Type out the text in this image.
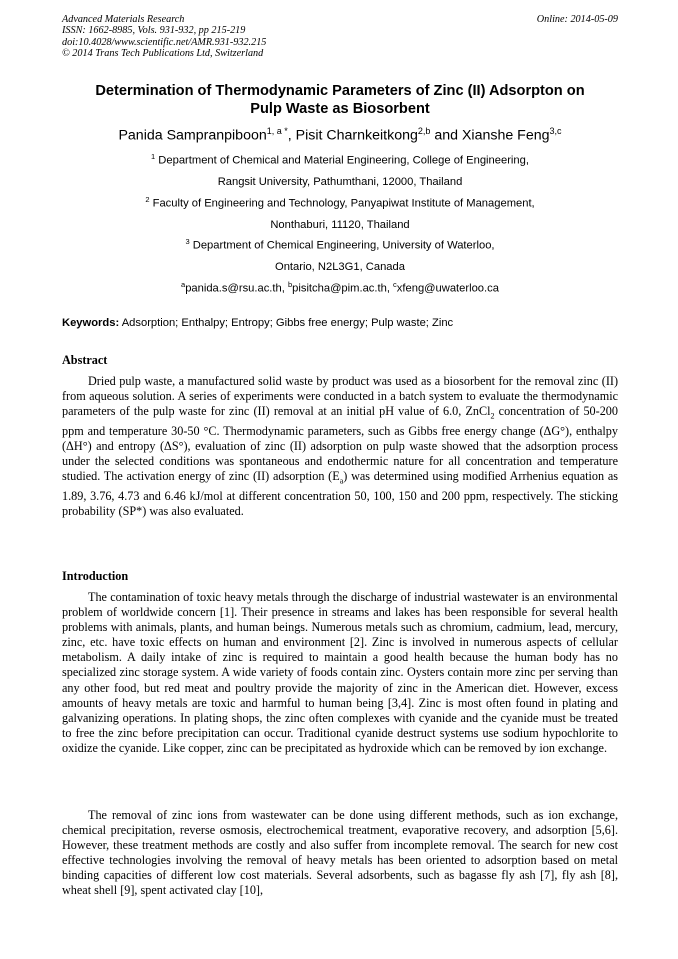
Advanced Materials Research
ISSN: 1662-8985, Vols. 931-932, pp 215-219
doi:10.4028/www.scientific.net/AMR.931-932.215
© 2014 Trans Tech Publications Ltd, Switzerland
Online: 2014-05-09
Determination of Thermodynamic Parameters of Zinc (II) Adsorpton on
Pulp Waste as Biosorbent
Panida Sampranpiboon$^{1, a *}$, Pisit Charnkeitkong$^{2,b}$ and Xianshe Feng$^{3,c}$
$^1$ Department of Chemical and Material Engineering, College of Engineering,
Rangsit University, Pathumthani, 12000, Thailand
$^2$ Faculty of Engineering and Technology, Panyapiwat Institute of Management,
Nonthaburi, 11120, Thailand
$^3$ Department of Chemical Engineering, University of Waterloo,
Ontario, N2L3G1, Canada
$^a$panida.s@rsu.ac.th, $^b$pisitcha@pim.ac.th, $^c$xfeng@uwaterloo.ca
Keywords: Adsorption; Enthalpy; Entropy; Gibbs free energy; Pulp waste; Zinc
Abstract

Dried pulp waste, a manufactured solid waste by product was used as a biosorbent for the removal zinc (II) from aqueous solution. A series of experiments were conducted in a batch system to evaluate the thermodynamic parameters of the pulp waste for zinc (II) removal at an initial pH value of 6.0, ZnCl$_2$ concentration of 50-200 ppm and temperature 30-50 °C. Thermodynamic parameters, such as Gibbs free energy change (ΔG°), enthalpy (ΔH°) and entropy (ΔS°), evaluation of zinc (II) adsorption on pulp waste showed that the adsorption process under the selected conditions was spontaneous and endothermic nature for all concentration and temperature studied. The activation energy of zinc (II) adsorption $(E_a)$ was determined using modified Arrhenius equation as 1.89, 3.76, 4.73 and 6.46 kJ/mol at different concentration 50, 100, 150 and 200 ppm, respectively. The sticking probability (SP*) was also evaluated.

Introduction

The contamination of toxic heavy metals through the discharge of industrial wastewater is an environmental problem of worldwide concern [1]. Their presence in streams and lakes has been responsible for several health problems with animals, plants, and human beings. Numerous metals such as chromium, cadmium, lead, mercury, zinc, etc. have toxic effects on human and environment [2]. Zinc is involved in numerous aspects of cellular metabolism. A daily intake of zinc is required to maintain a good health because the human body has no specialized zinc storage system. A wide variety of foods contain zinc. Oysters contain more zinc per serving than any other food, but red meat and poultry provide the majority of zinc in the American diet. However, excess amounts of heavy metals are toxic and harmful to human being [3,4]. Zinc is most often found in plating and galvanizing operations. In plating shops, the zinc often complexes with cyanide and the cyanide must be treated to free the zinc before precipitation can occur. Traditional cyanide destruct systems use sodium hypochlorite to oxidize the cyanide. Like copper, zinc can be precipitated as hydroxide which can be removed by ion exchange.

The removal of zinc ions from wastewater can be done using different methods, such as ion exchange, chemical precipitation, reverse osmosis, electrochemical treatment, evaporative recovery, and adsorption [5,6]. However, these treatment methods are costly and also suffer from incomplete removal. The search for new cost effective technologies involving the removal of heavy metals has been oriented to adsorption based on metal binding capacities of different low cost materials. Several adsorbents, such as bagasse fly ash [7], fly ash [8], wheat shell [9], spent activated clay [10],
